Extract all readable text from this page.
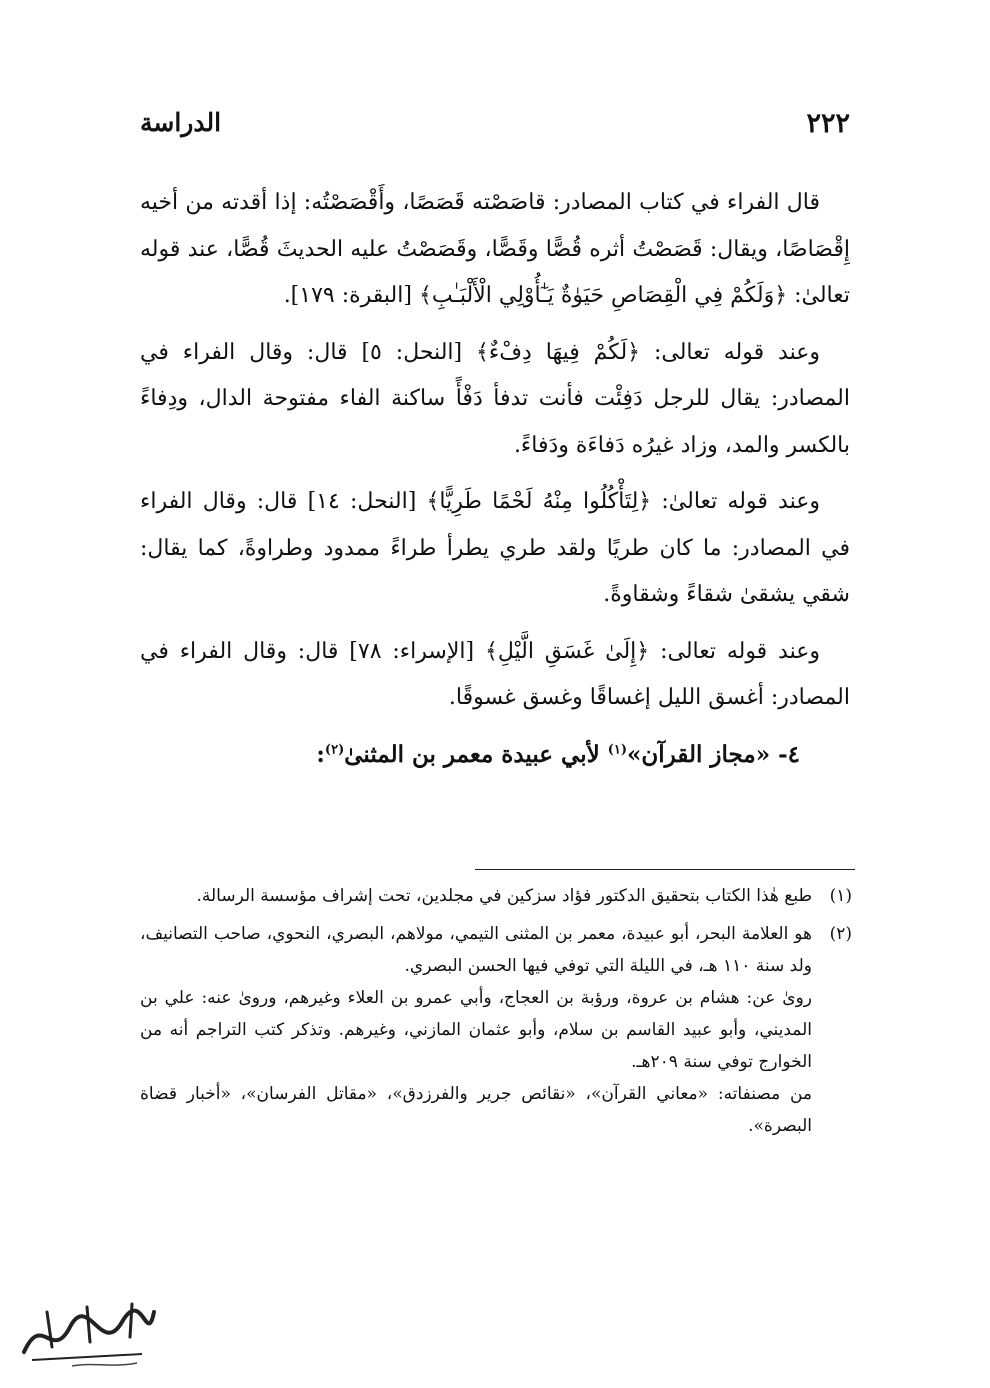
٢٢٢
الدراسة

قال الفراء في كتاب المصادر: قاصَصْته قَصَصًا، وأَقْصَصْتُه: إذا أقدته من أخيه إِقْصَاصًا، ويقال: قَصَصْتُ أثره قُصًّا وقَصًّا، وقَصَصْتُ عليه الحديثَ قُصًّا، عند قوله تعالىٰ: ﴿وَلَكُمْ فِي الْقِصَاصِ حَيَوٰةٌ يَـٰٓأُوْلِي الْأَلْبَـٰبِ﴾ [البقرة: ١٧٩].

وعند قوله تعالى: ﴿لَكُمْ فِيهَا دِفْءٌ﴾ [النحل: ٥] قال: وقال الفراء في المصادر: يقال للرجل دَفِئْت فأنت تدفأ دَفْأً ساكنة الفاء مفتوحة الدال، ودِفاءً بالكسر والمد، وزاد غيرُه دَفاءَة ودَفاءً.

وعند قوله تعالىٰ: ﴿لِتَأْكُلُوا مِنْهُ لَحْمًا طَرِيًّا﴾ [النحل: ١٤] قال: وقال الفراء في المصادر: ما كان طريًا ولقد طري يطرأ طراءً ممدود وطراوةً، كما يقال: شقي يشقىٰ شقاءً وشقاوةً.

وعند قوله تعالى: ﴿إِلَىٰ غَسَقِ الَّيْلِ﴾ [الإسراء: ٧٨] قال: وقال الفراء في المصادر: أغسق الليل إغساقًا وغسق غسوقًا.

٤- «مجاز القرآن»$^{(١)}$ لأبي عبيدة معمر بن المثنىٰ$^{(٢)}$:

(١)

طبع هٰذا الكتاب بتحقيق الدكتور فؤاد سزكين في مجلدين، تحت إشراف مؤسسة الرسالة.

(٢)

هو العلامة البحر، أبو عبيدة، معمر بن المثنى التيمي، مولاهم، البصري، النحوي، صاحب التصانيف، ولد سنة ١١٠ هـ، في الليلة التي توفي فيها الحسن البصري.

روىٰ عن: هشام بن عروة، ورؤبة بن العجاج، وأبي عمرو بن العلاء وغيرهم، وروىٰ عنه: علي بن المديني، وأبو عبيد القاسم بن سلام، وأبو عثمان المازني، وغيرهم. وتذكر كتب التراجم أنه من الخوارج توفي سنة ٢٠٩هـ.

من مصنفاته: «معاني القرآن»، «نقائص جرير والفرزدق»، «مقاتل الفرسان»، «أخبار قضاة البصرة».
